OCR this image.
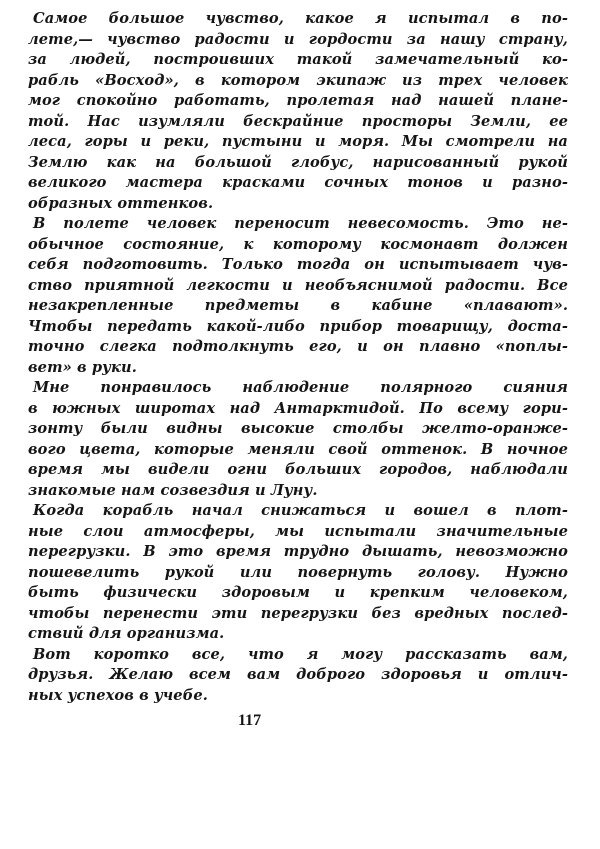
Самое большое чувство, какое я испытал в по-
лете,— чувство радости и гордости за нашу страну,
за людей, построивших такой замечательный ко-
рабль «Восход», в котором экипаж из трех человек
мог спокойно работать, пролетая над нашей плане-
той. Нас изумляли бескрайние просторы Земли, ее
леса, горы и реки, пустыни и моря. Мы смотрели на
Землю как на большой глобус, нарисованный рукой
великого мастера красками сочных тонов и разно-
образных оттенков.
В полете человек переносит невесомость. Это не-
обычное состояние, к которому космонавт должен
себя подготовить. Только тогда он испытывает чув-
ство приятной легкости и необъяснимой радости. Все
незакрепленные предметы в кабине «плавают».
Чтобы передать какой-либо прибор товарищу, доста-
точно слегка подтолкнуть его, и он плавно «поплы-
вет» в руки.
Мне понравилось наблюдение полярного сияния
в южных широтах над Антарктидой. По всему гори-
зонту были видны высокие столбы желто-оранже-
вого цвета, которые меняли свой оттенок. В ночное
время мы видели огни больших городов, наблюдали
знакомые нам созвездия и Луну.
Когда корабль начал снижаться и вошел в плот-
ные слои атмосферы, мы испытали значительные
перегрузки. В это время трудно дышать, невозможно
пошевелить рукой или повернуть голову. Нужно
быть физически здоровым и крепким человеком,
чтобы перенести эти перегрузки без вредных послед-
ствий для организма.
Вот коротко все, что я могу рассказать вам,
друзья. Желаю всем вам доброго здоровья и отлич-
ных успехов в учебе.
117
